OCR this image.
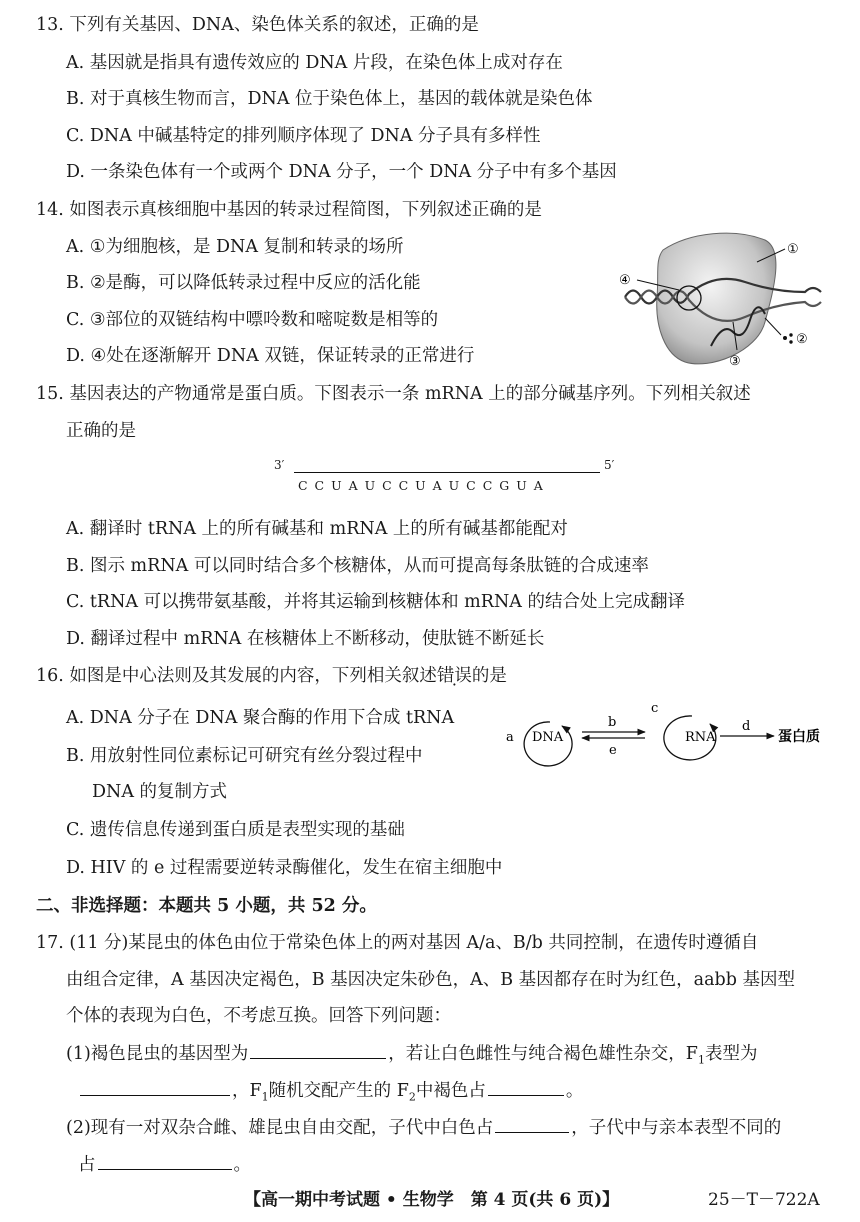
13. 下列有关基因、DNA、染色体关系的叙述，正确的是
A. 基因就是指具有遗传效应的 DNA 片段，在染色体上成对存在
B. 对于真核生物而言，DNA 位于染色体上，基因的载体就是染色体
C. DNA 中碱基特定的排列顺序体现了 DNA 分子具有多样性
D. 一条染色体有一个或两个 DNA 分子，一个 DNA 分子中有多个基因
14. 如图表示真核细胞中基因的转录过程简图，下列叙述正确的是
A. ①为细胞核，是 DNA 复制和转录的场所
B. ②是酶，可以降低转录过程中反应的活化能
C. ③部位的双链结构中嘌呤数和嘧啶数是相等的
D. ④处在逐渐解开 DNA 双链，保证转录的正常进行
①
④
③
②
15. 基因表达的产物通常是蛋白质。下图表示一条 mRNA 上的部分碱基序列。下列相关叙述
正确的是
3′	5′
C C U A U C C U A U C C G U A
A. 翻译时 tRNA 上的所有碱基和 mRNA 上的所有碱基都能配对
B. 图示 mRNA 可以同时结合多个核糖体，从而可提高每条肽链的合成速率
C. tRNA 可以携带氨基酸，并将其运输到核糖体和 mRNA 的结合处上完成翻译
D. 翻译过程中 mRNA 在核糖体上不断移动，使肽链不断延长
16. 如图是中心法则及其发展的内容，下列相关叙述错误的是
A. DNA 分子在 DNA 聚合酶的作用下合成 tRNA
B. 用放射性同位素标记可研究有丝分裂过程中
DNA 的复制方式
C. 遗传信息传递到蛋白质是表型实现的基础
D. HIV 的 e 过程需要逆转录酶催化，发生在宿主细胞中
a DNA
b
e
c
RNA
d
蛋白质
二、非选择题：本题共 5 小题，共 52 分。
17. (11 分)某昆虫的体色由位于常染色体上的两对基因 A/a、B/b 共同控制，在遗传时遵循自
由组合定律，A 基因决定褐色，B 基因决定朱砂色，A、B 基因都存在时为红色，aabb 基因型
个体的表现为白色，不考虑互换。回答下列问题：
(1)褐色昆虫的基因型为	，若让白色雌性与纯合褐色雄性杂交，$F_1$表型为
，$F_1$随机交配产生的 $F_2$中褐色占	。
(2)现有一对双杂合雌、雄昆虫自由交配，子代中白色占	，子代中与亲本表型不同的
占	。
【高一期中考试题 • 生物学　第 4 页(共 6 页)】	25－T－722A
